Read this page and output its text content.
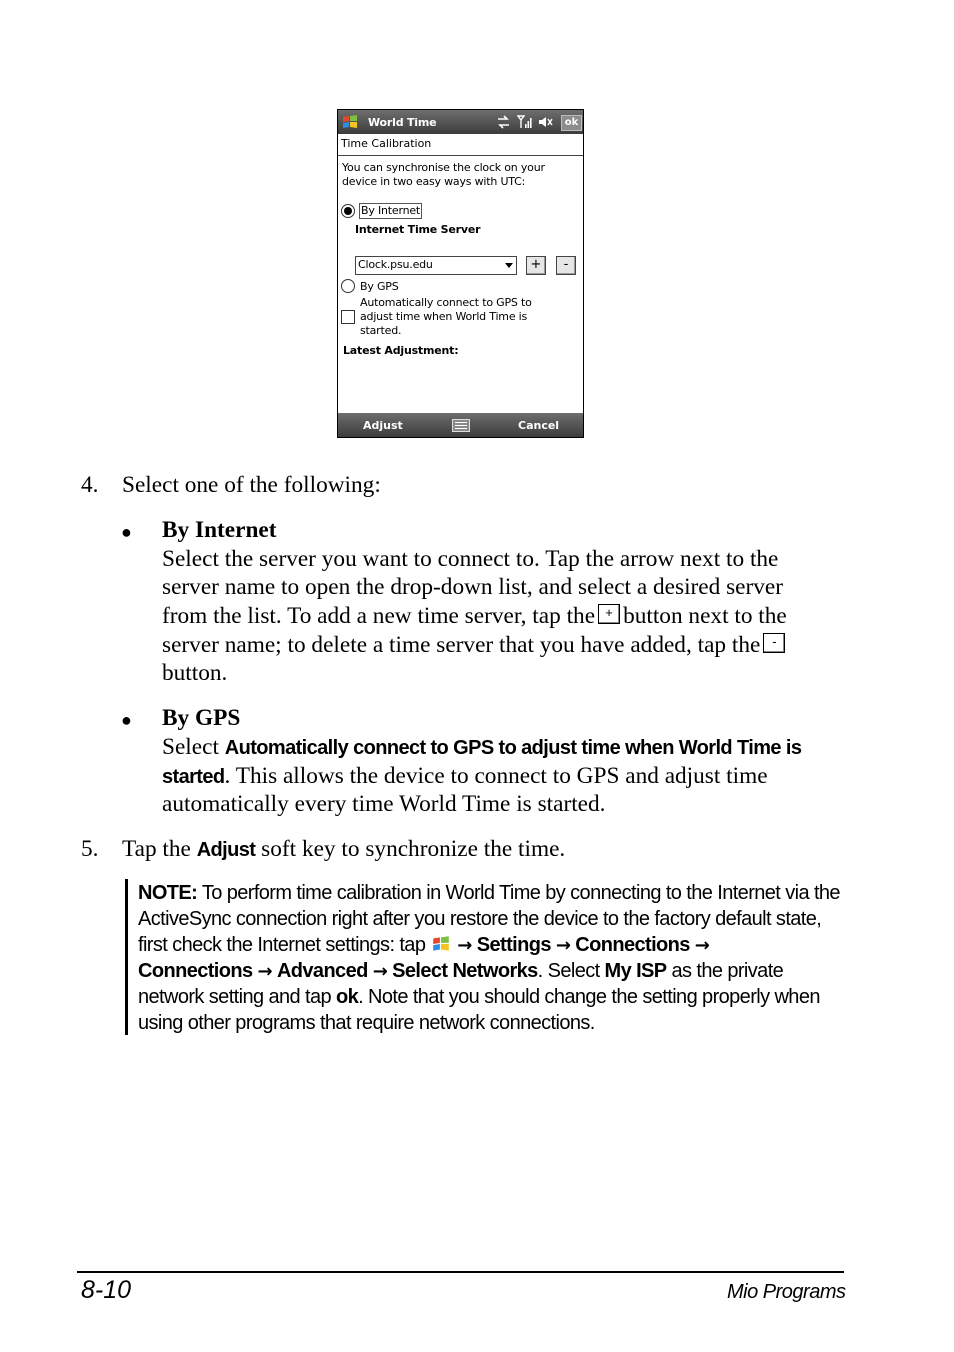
World Time	ok
Time Calibration
You can synchronise the clock on your
device in two easy ways with UTC:
By Internet
Internet Time Server
Clock.psu.edu	+	-
By GPS
Automatically connect to GPS to
adjust time when World Time is
started.
Latest Adjustment:
Adjust	Cancel
4. Select one of the following:
● By Internet
Select the server you want to connect to. Tap the arrow next to the
server name to open the drop-down list, and select a desired server
from the list. To add a new time server, tap the + button next to the
server name; to delete a time server that you have added, tap the -
button.
● By GPS
Select Automatically connect to GPS to adjust time when World Time is
started. This allows the device to connect to GPS and adjust time
automatically every time World Time is started.
5. Tap the Adjust soft key to synchronize the time.
NOTE: To perform time calibration in World Time by connecting to the Internet via the
ActiveSync connection right after you restore the device to the factory default state,
first check the Internet settings: tap → Settings → Connections →
Connections → Advanced → Select Networks. Select My ISP as the private
network setting and tap ok. Note that you should change the setting properly when
using other programs that require network connections.
8-10	Mio Programs
